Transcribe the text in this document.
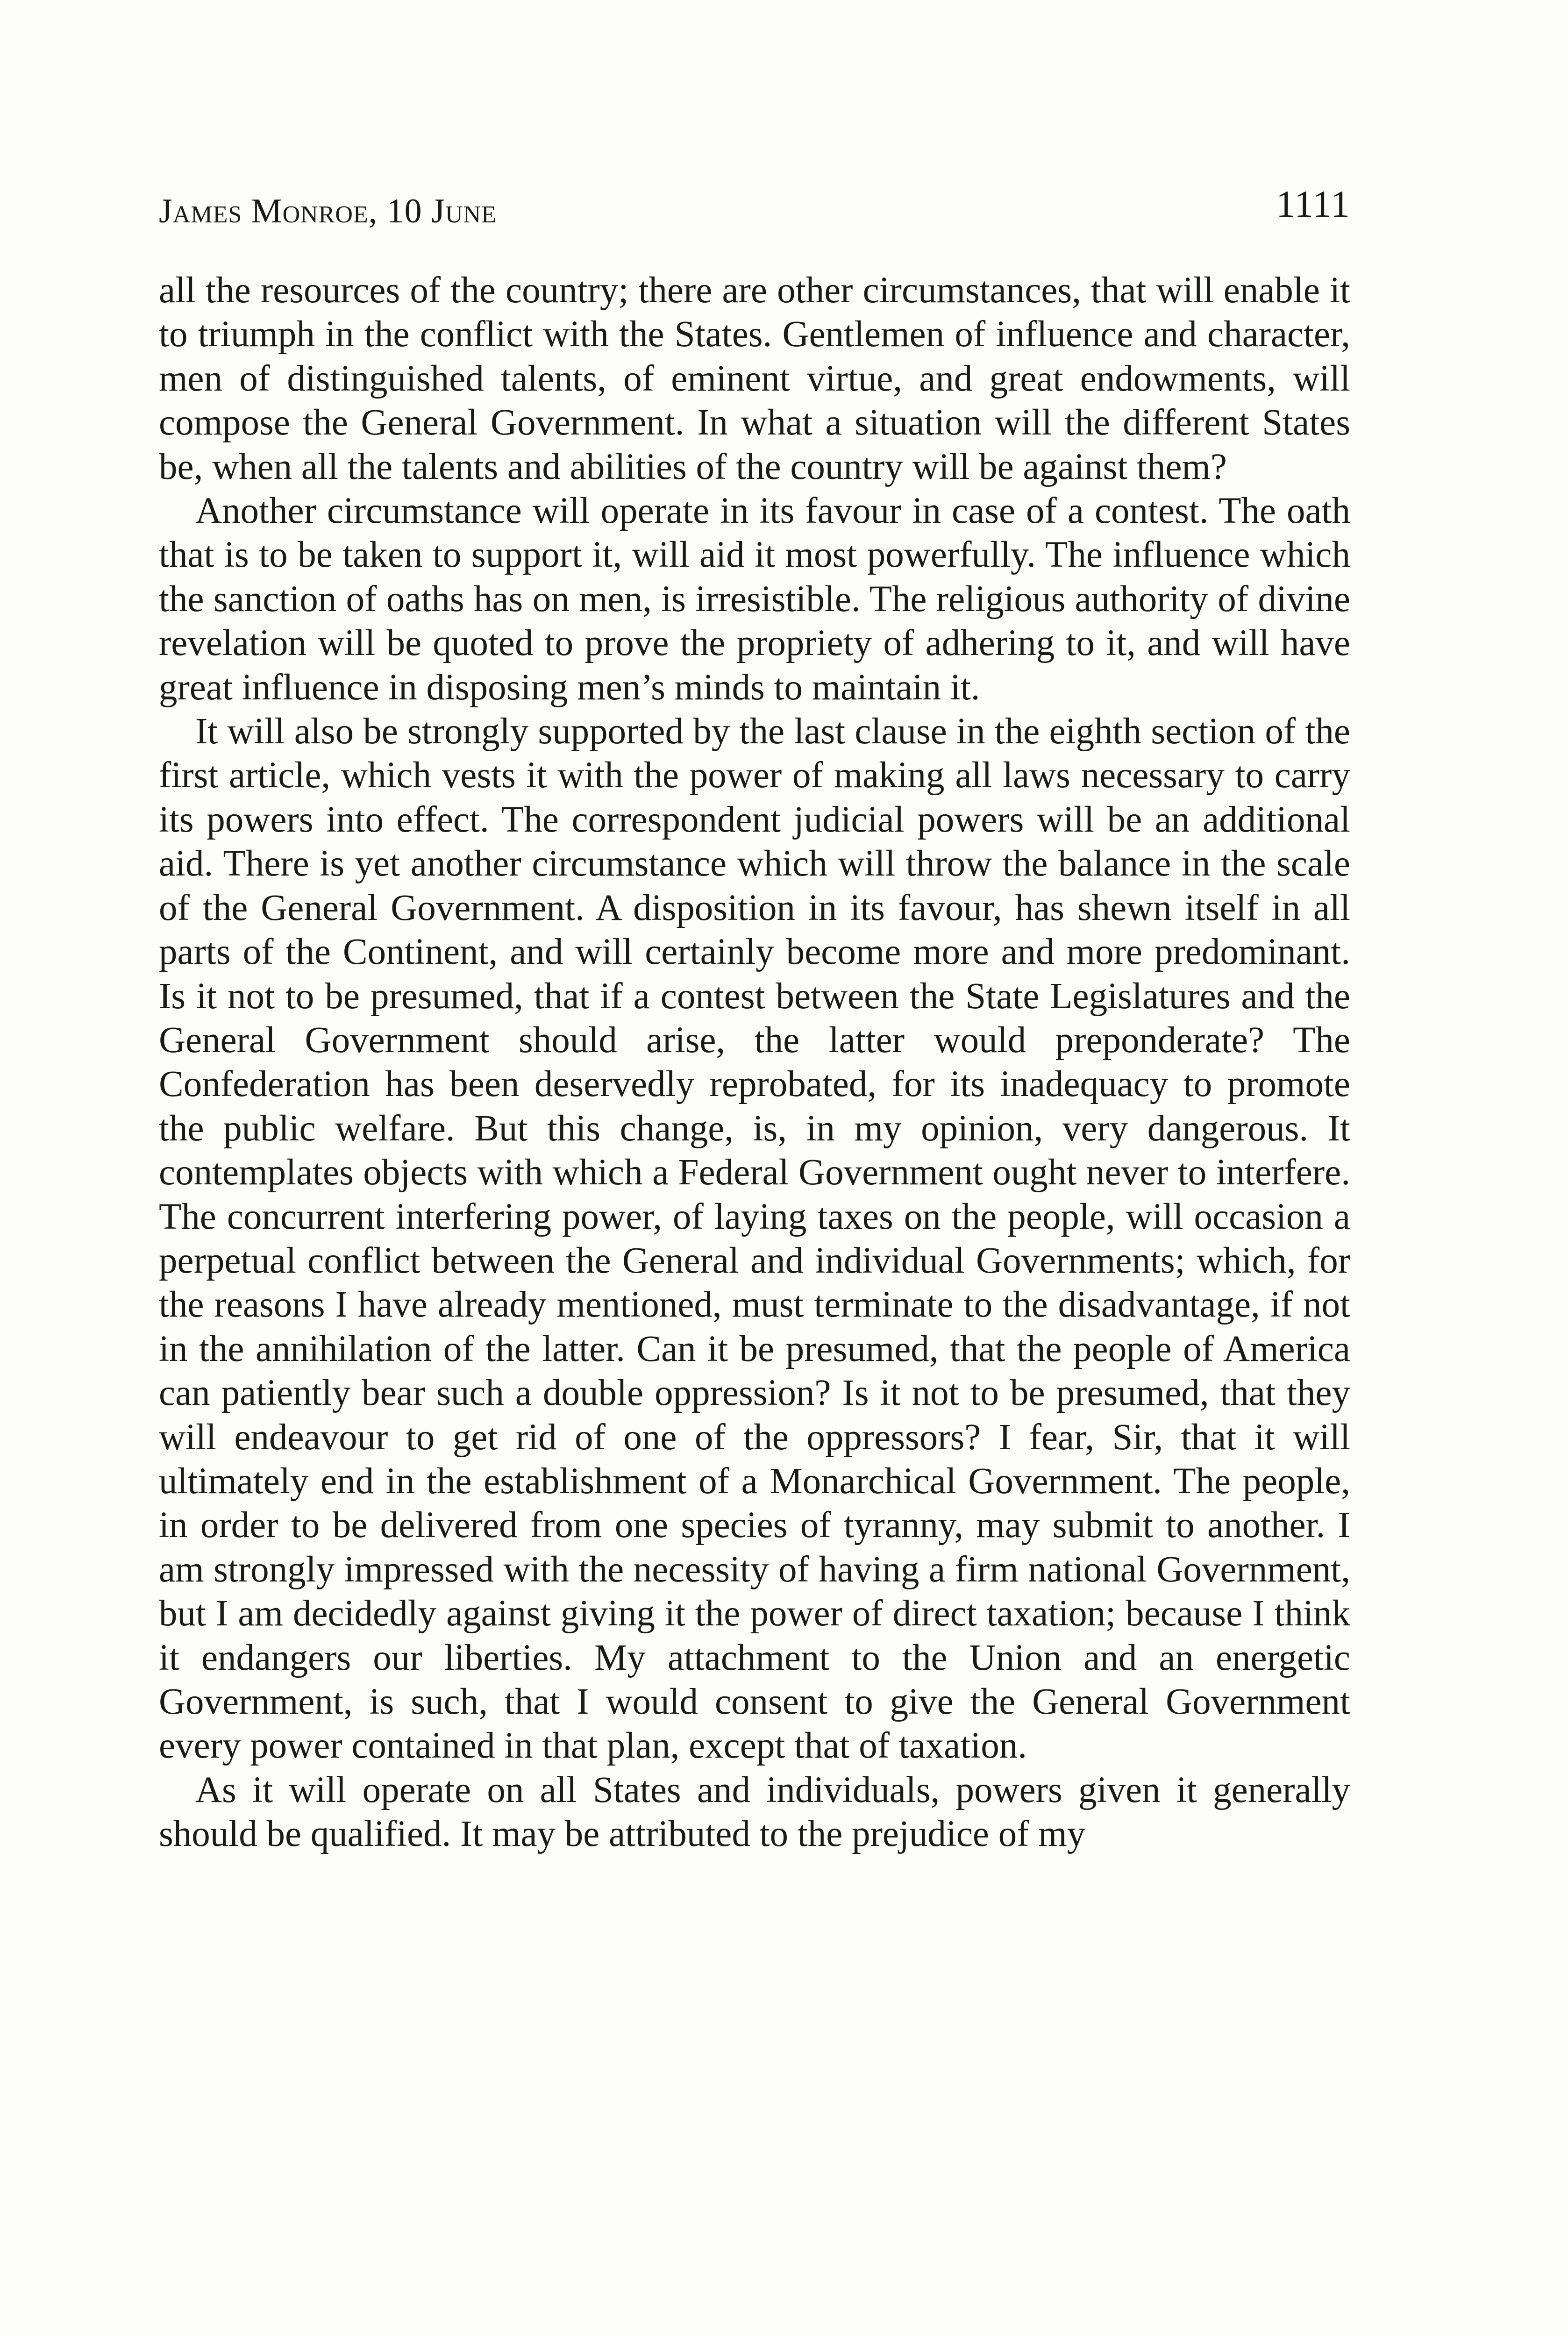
James Monroe, 10 June	1111

all the resources of the country; there are other circumstances, that will enable it to triumph in the conflict with the States. Gentlemen of influence and character, men of distinguished talents, of eminent virtue, and great endowments, will compose the General Government. In what a situation will the different States be, when all the talents and abilities of the country will be against them?

Another circumstance will operate in its favour in case of a contest. The oath that is to be taken to support it, will aid it most powerfully. The influence which the sanction of oaths has on men, is irresistible. The religious authority of divine revelation will be quoted to prove the propriety of adhering to it, and will have great influence in disposing men’s minds to maintain it.

It will also be strongly supported by the last clause in the eighth section of the first article, which vests it with the power of making all laws necessary to carry its powers into effect. The correspondent judicial powers will be an additional aid. There is yet another circumstance which will throw the balance in the scale of the General Government. A disposition in its favour, has shewn itself in all parts of the Continent, and will certainly become more and more predominant. Is it not to be presumed, that if a contest between the State Legislatures and the General Government should arise, the latter would preponderate? The Confederation has been deservedly reprobated, for its inadequacy to promote the public welfare. But this change, is, in my opinion, very dangerous. It contemplates objects with which a Federal Government ought never to interfere. The concurrent interfering power, of laying taxes on the people, will occasion a perpetual conflict between the General and individual Governments; which, for the reasons I have already mentioned, must terminate to the disadvantage, if not in the annihilation of the latter. Can it be presumed, that the people of America can patiently bear such a double oppression? Is it not to be presumed, that they will endeavour to get rid of one of the oppressors? I fear, Sir, that it will ultimately end in the establishment of a Monarchical Government. The people, in order to be delivered from one species of tyranny, may submit to another. I am strongly impressed with the necessity of having a firm national Government, but I am decidedly against giving it the power of direct taxation; because I think it endangers our liberties. My attachment to the Union and an energetic Government, is such, that I would consent to give the General Government every power contained in that plan, except that of taxation.

As it will operate on all States and individuals, powers given it generally should be qualified. It may be attributed to the prejudice of my
